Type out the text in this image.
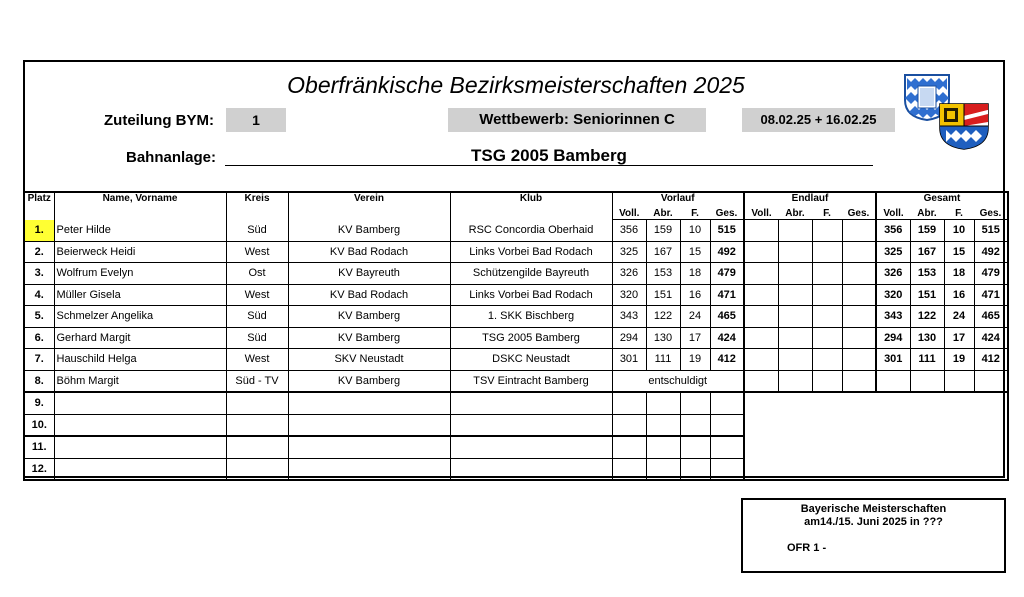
Oberfränkische Bezirksmeisterschaften 2025
Zuteilung BYM:	1	Wettbewerb: Seniorinnen C	08.02.25 + 16.02.25
Bahnanlage:	TSG 2005 Bamberg
Platz	Name, Vorname	Kreis	Verein	Klub	Vorlauf				Endlauf				Gesamt			
					Voll.	Abr.	F.	Ges.	Voll.	Abr.	F.	Ges.	Voll.	Abr.	F.	Ges.
1.	Peter Hilde	Süd	KV Bamberg	RSC Concordia Oberhaid	356	159	10	515					356	159	10	515
2.	Beierweck Heidi	West	KV Bad Rodach	Links Vorbei Bad Rodach	325	167	15	492					325	167	15	492
3.	Wolfrum Evelyn	Ost	KV Bayreuth	Schützengilde Bayreuth	326	153	18	479					326	153	18	479
4.	Müller Gisela	West	KV Bad Rodach	Links Vorbei Bad Rodach	320	151	16	471					320	151	16	471
5.	Schmelzer Angelika	Süd	KV Bamberg	1. SKK Bischberg	343	122	24	465					343	122	24	465
6.	Gerhard Margit	Süd	KV Bamberg	TSG 2005 Bamberg	294	130	17	424					294	130	17	424
7.	Hauschild Helga	West	SKV Neustadt	DSKC Neustadt	301	111	19	412					301	111	19	412
8.	Böhm Margit	Süd - TV	KV Bamberg	TSV Eintracht Bamberg	entschuldigt											
9.																
10.																
11.																
12.																
Bayerische Meisterschaften
am14./15. Juni 2025 in ???
OFR 1 -
